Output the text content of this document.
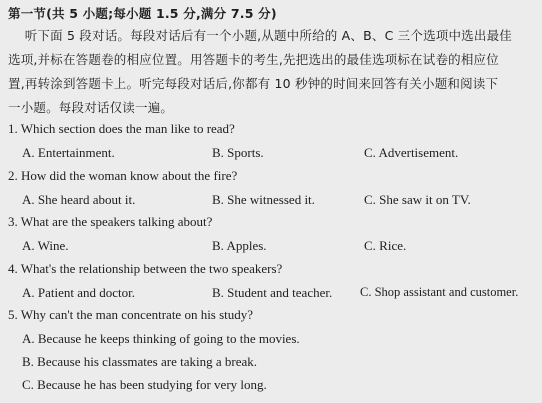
第一节(共 5 小题;每小题 1.5 分,满分 7.5 分)
听下面 5 段对话。每段对话后有一个小题,从题中所给的 A、B、C 三个选项中选出最佳
选项,并标在答题卷的相应位置。用答题卡的考生,先把选出的最佳选项标在试卷的相应位
置,再转涂到答题卡上。听完每段对话后,你都有 10 秒钟的时间来回答有关小题和阅读下
一小题。每段对话仅读一遍。
1. Which section does the man like to read?
A. Entertainment.	B. Sports.	C. Advertisement.
2. How did the woman know about the fire?
A. She heard about it.	B. She witnessed it.	C. She saw it on TV.
3. What are the speakers talking about?
A. Wine.	B. Apples.	C. Rice.
4. What's the relationship between the two speakers?
A. Patient and doctor.	B. Student and teacher. C. Shop assistant and customer.
5. Why can't the man concentrate on his study?
A. Because he keeps thinking of going to the movies.
B. Because his classmates are taking a break.
C. Because he has been studying for very long.
